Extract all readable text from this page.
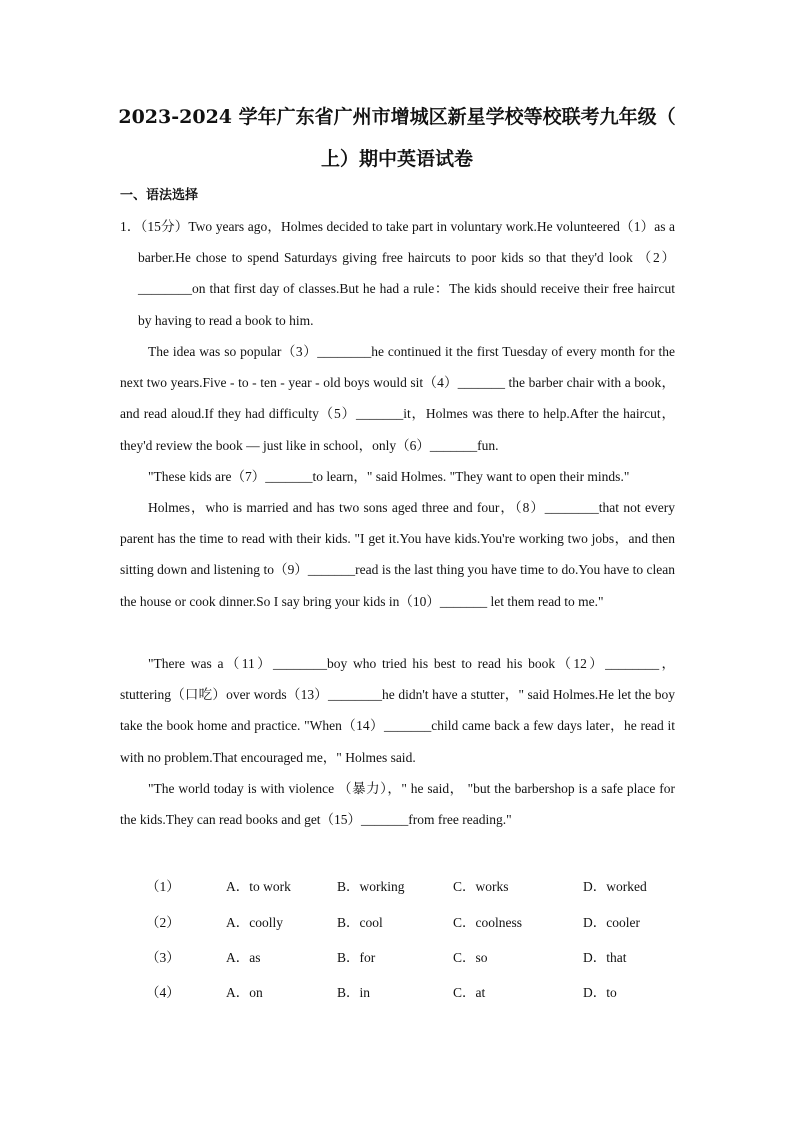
2023-2024 学年广东省广州市增城区新星学校等校联考九年级（
上）期中英语试卷

一、语法选择

1．（15分）Two years ago，Holmes decided to take part in voluntary work.He volunteered（1）as a barber.He chose to spend Saturdays giving free haircuts to poor kids so that they'd look （2）________on that first day of classes.But he had a rule：The kids should receive their free haircut by having to read a book to him.

The idea was so popular（3）________he continued it the first Tuesday of every month for the next two years.Five - to - ten - year - old boys would sit（4）_______ the barber chair with a book，and read aloud.If they had difficulty（5）_______it，Holmes was there to help.After the haircut，they'd review the book — just like in school，only（6）_______fun.

"These kids are（7）_______to learn，" said Holmes. "They want to open their minds."

Holmes，who is married and has two sons aged three and four，（8）________that not every parent has the time to read with their kids. "I get it.You have kids.You're working two jobs，and then sitting down and listening to（9）_______read is the last thing you have time to do.You have to clean the house or cook dinner.So I say bring your kids in（10）_______ let them read to me."

"There was a（11）________boy who tried his best to read his book（12）________，stuttering（口吃）over words（13）________he didn't have a stutter，" said Holmes.He let the boy take the book home and practice. "When（14）_______child came back a few days later，he read it with no problem.That encouraged me，" Holmes said.

"The world today is with violence （暴力），" he said， "but the barbershop is a safe place for the kids.They can read books and get（15）_______from free reading."

（1）	A．to work	B．working	C．works	D．worked
（2）	A．coolly	B．cool	C．coolness	D．cooler
（3）	A．as	B．for	C．so	D．that
（4）	A．on	B．in	C．at	D．to
